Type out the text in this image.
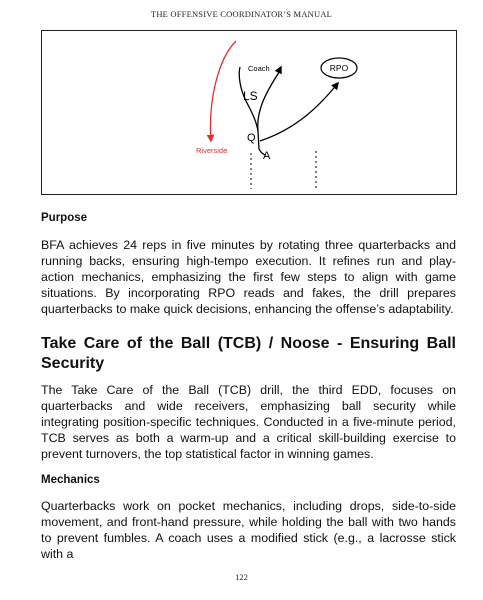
THE OFFENSIVE COORDINATOR’S MANUAL
Coach	RPO
LS
Q
A
Riverside
Purpose
BFA achieves 24 reps in five minutes by rotating three quarterbacks and running backs, ensuring high-tempo execution. It refines run and play-action mechanics, emphasizing the first few steps to align with game situations. By incorporating RPO reads and fakes, the drill prepares quarterbacks to make quick decisions, enhancing the offense’s adaptability.
Take Care of the Ball (TCB) / Noose - Ensuring Ball Security
The Take Care of the Ball (TCB) drill, the third EDD, focuses on quarterbacks and wide receivers, emphasizing ball security while integrating position-specific techniques. Conducted in a five-minute period, TCB serves as both a warm-up and a critical skill-building exercise to prevent turnovers, the top statistical factor in winning games.
Mechanics
Quarterbacks work on pocket mechanics, including drops, side-to-side movement, and front-hand pressure, while holding the ball with two hands to prevent fumbles. A coach uses a modified stick (e.g., a lacrosse stick with a
122
